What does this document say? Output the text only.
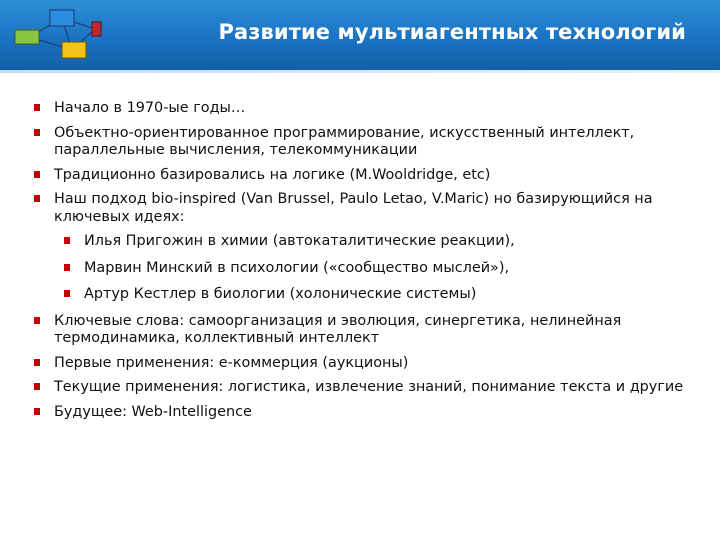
Развитие мультиагентных технологий
Начало в 1970-ые годы…
Объектно-ориентированное программирование, искусственный интеллект, параллельные вычисления, телекоммуникации
Традиционно базировались на логике (M.Wooldridge, etc)
Наш подход bio-inspired (Van Brussel, Paulo Letao, V.Maric) но базирующийся на ключевых идеях:
Илья Пригожин в химии (автокаталитические реакции),
Марвин Минский в психологии («сообщество мыслей»),
Артур Кестлер в биологии (холонические системы)
Ключевые слова: самоорганизация и эволюция, синергетика, нелинейная термодинамика, коллективный интеллект
Первые применения: е-коммерция (аукционы)
Текущие применения: логистика, извлечение знаний, понимание текста и другие
Будущее: Web-Intelligence
